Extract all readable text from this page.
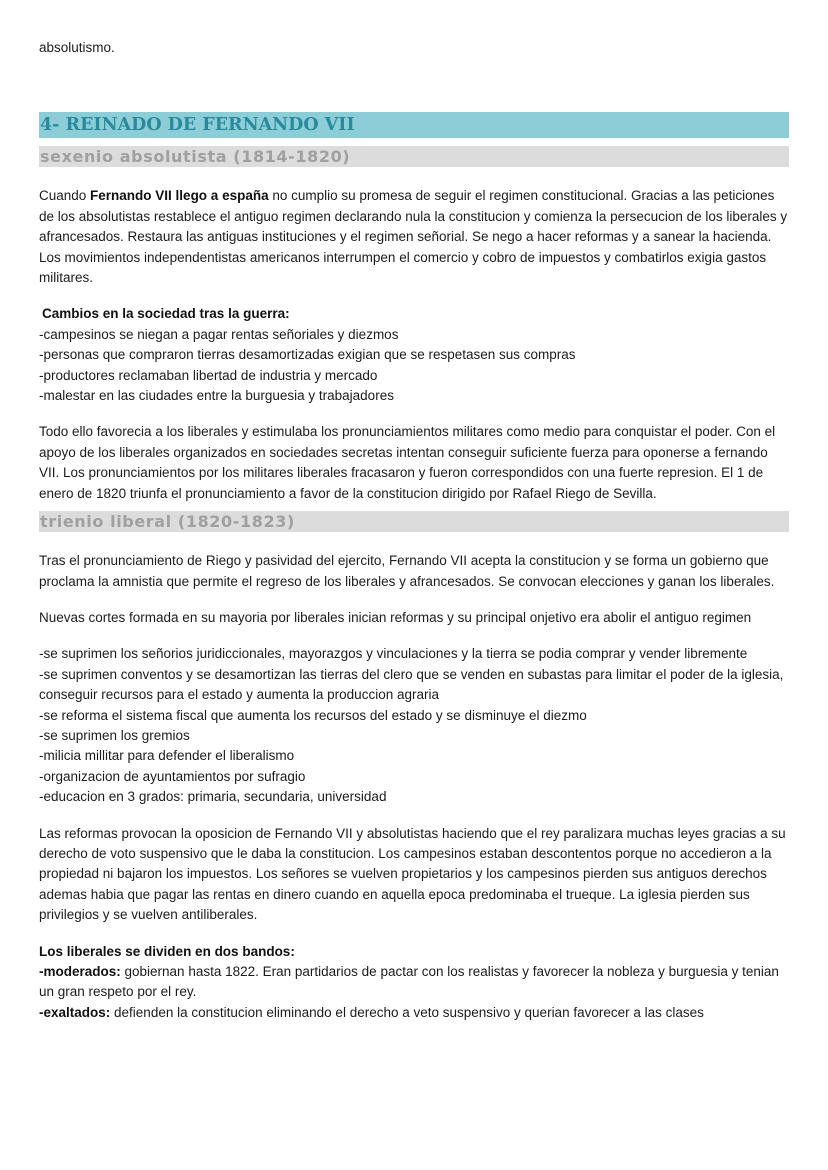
absolutismo.

4- REINADO DE FERNANDO VII
sexenio absolutista (1814-1820)

Cuando Fernando VII llego a españa no cumplio su promesa de seguir el regimen constitucional. Gracias a las peticiones de los absolutistas restablece el antiguo regimen declarando nula la constitucion y comienza la persecucion de los liberales y afrancesados. Restaura las antiguas instituciones y el regimen señorial. Se nego a hacer reformas y a sanear la hacienda. Los movimientos independentistas americanos interrumpen el comercio y cobro de impuestos y combatirlos exigia gastos militares.

Cambios en la sociedad tras la guerra:

-campesinos se niegan a pagar rentas señoriales y diezmos

-personas que compraron tierras desamortizadas exigian que se respetasen sus compras

-productores reclamaban libertad de industria y mercado

-malestar en las ciudades entre la burguesia y trabajadores

Todo ello favorecia a los liberales y estimulaba los pronunciamientos militares como medio para conquistar el poder. Con el apoyo de los liberales organizados en sociedades secretas intentan conseguir suficiente fuerza para oponerse a fernando VII. Los pronunciamientos por los militares liberales fracasaron y fueron correspondidos con una fuerte represion. El 1 de enero de 1820 triunfa el pronunciamiento a favor de la constitucion dirigido por Rafael Riego de Sevilla.

trienio liberal (1820-1823)

Tras el pronunciamiento de Riego y pasividad del ejercito, Fernando VII acepta la constitucion y se forma un gobierno que proclama la amnistia que permite el regreso de los liberales y afrancesados. Se convocan elecciones y ganan los liberales.

Nuevas cortes formada en su mayoria por liberales inician reformas y su principal onjetivo era abolir el antiguo regimen

-se suprimen los señorios juridiccionales, mayorazgos y vinculaciones y la tierra se podia comprar y vender libremente

-se suprimen conventos y se desamortizan las tierras del clero que se venden en subastas para limitar el poder de la iglesia, conseguir recursos para el estado y aumenta la produccion agraria

-se reforma el sistema fiscal que aumenta los recursos del estado y se disminuye el diezmo

-se suprimen los gremios

-milicia millitar para defender el liberalismo

-organizacion de ayuntamientos por sufragio

-educacion en 3 grados: primaria, secundaria, universidad

Las reformas provocan la oposicion de Fernando VII y absolutistas haciendo que el rey paralizara muchas leyes gracias a su derecho de voto suspensivo que le daba la constitucion. Los campesinos estaban descontentos porque no accedieron a la propiedad ni bajaron los impuestos. Los señores se vuelven propietarios y los campesinos pierden sus antiguos derechos ademas habia que pagar las rentas en dinero cuando en aquella epoca predominaba el trueque. La iglesia pierden sus privilegios y se vuelven antiliberales.

Los liberales se dividen en dos bandos:

-moderados: gobiernan hasta 1822. Eran partidarios de pactar con los realistas y favorecer la nobleza y burguesia y tenian un gran respeto por el rey.

-exaltados: defienden la constitucion eliminando el derecho a veto suspensivo y querian favorecer a las clases
